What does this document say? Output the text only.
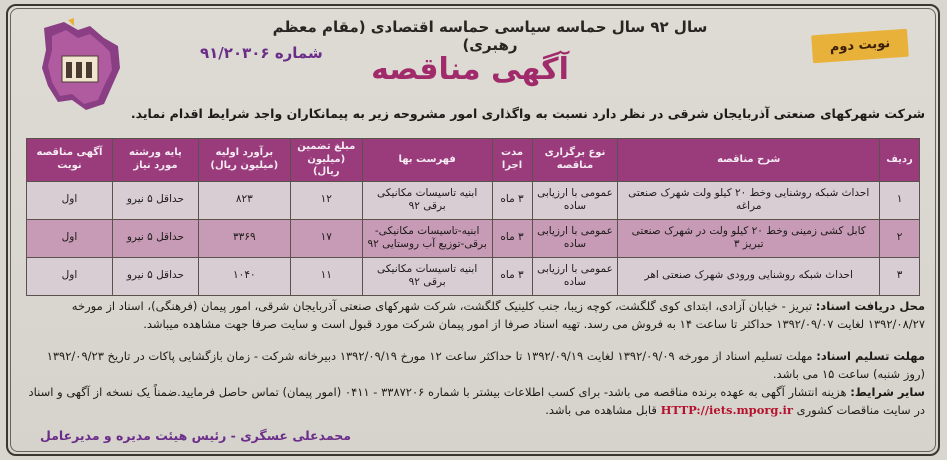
سال ۹۲ سال حماسه سیاسی حماسه اقتصادی (مقام معظم رهبری)
شماره ۹۱/۲۰۳۰۶	نوبت دوم
آگهی مناقصه
شرکت شهرکهای صنعتی آذربایجان شرقی در نظر دارد نسبت به واگذاری امور مشروحه زیر به پیمانکاران واجد شرایط اقدام نماید.
ردیف	شرح مناقصه	نوع برگزاری مناقصه	مدت اجرا	فهرست بها	مبلغ تضمین (میلیون ریال)	برآورد اولیه (میلیون ریال)	پایه ورشته مورد نیاز	آگهی مناقصه نوبت
۱	احداث شبکه روشنایی وخط ۲۰ کیلو ولت شهرک صنعتی مراغه	عمومی با ارزیابی ساده	۳ ماه	ابنیه تاسیسات مکانیکی برقی ۹۲	۱۲	۸۲۳	حداقل ۵ نیرو	اول
۲	کابل کشی زمینی وخط ۲۰ کیلو ولت در شهرک صنعتی تبریز ۳	عمومی با ارزیابی ساده	۳ ماه	ابنیه-تاسیسات مکانیکی-برقی-توزیع آب روستایی ۹۲	۱۷	۳۳۶۹	حداقل ۵ نیرو	اول
۳	احداث شبکه روشنایی ورودی شهرک صنعتی اهر	عمومی با ارزیابی ساده	۳ ماه	ابنیه تاسیسات مکانیکی برقی ۹۲	۱۱	۱۰۴۰	حداقل ۵ نیرو	اول
محل دریافت اسناد: تبریز - خیابان آزادی، ابتدای کوی گلگشت، کوچه زیبا، جنب کلینیک گلگشت، شرکت شهرکهای صنعتی آذربایجان شرقی، امور پیمان (فرهنگی)، اسناد از مورخه ۱۳۹۲/۰۸/۲۷ لغایت ۱۳۹۲/۰۹/۰۷ حداکثر تا ساعت ۱۴ به فروش می رسد. تهیه اسناد صرفا از امور پیمان شرکت مورد قبول است و سایت صرفا جهت مشاهده میباشد.
مهلت تسلیم اسناد: مهلت تسلیم اسناد از مورخه ۱۳۹۲/۰۹/۰۹ لغایت ۱۳۹۲/۰۹/۱۹ تا حداکثر ساعت ۱۲ مورخ ۱۳۹۲/۰۹/۱۹ دبیرخانه شرکت - زمان بازگشایی پاکات در تاریخ ۱۳۹۲/۰۹/۲۳ (روز شنبه) ساعت ۱۵ می باشد.
سایر شرایط: هزینه انتشار آگهی به عهده برنده مناقصه می باشد- برای کسب اطلاعات بیشتر با شماره ۳۳۸۷۲۰۶ - ۰۴۱۱ (امور پیمان) تماس حاصل فرمایید.ضمناً یک نسخه از آگهی و اسناد در سایت مناقصات کشوری HTTP://iets.mporg.ir قابل مشاهده می باشد.
محمدعلی عسگری - رئیس هیئت مدیره و مدیرعامل
